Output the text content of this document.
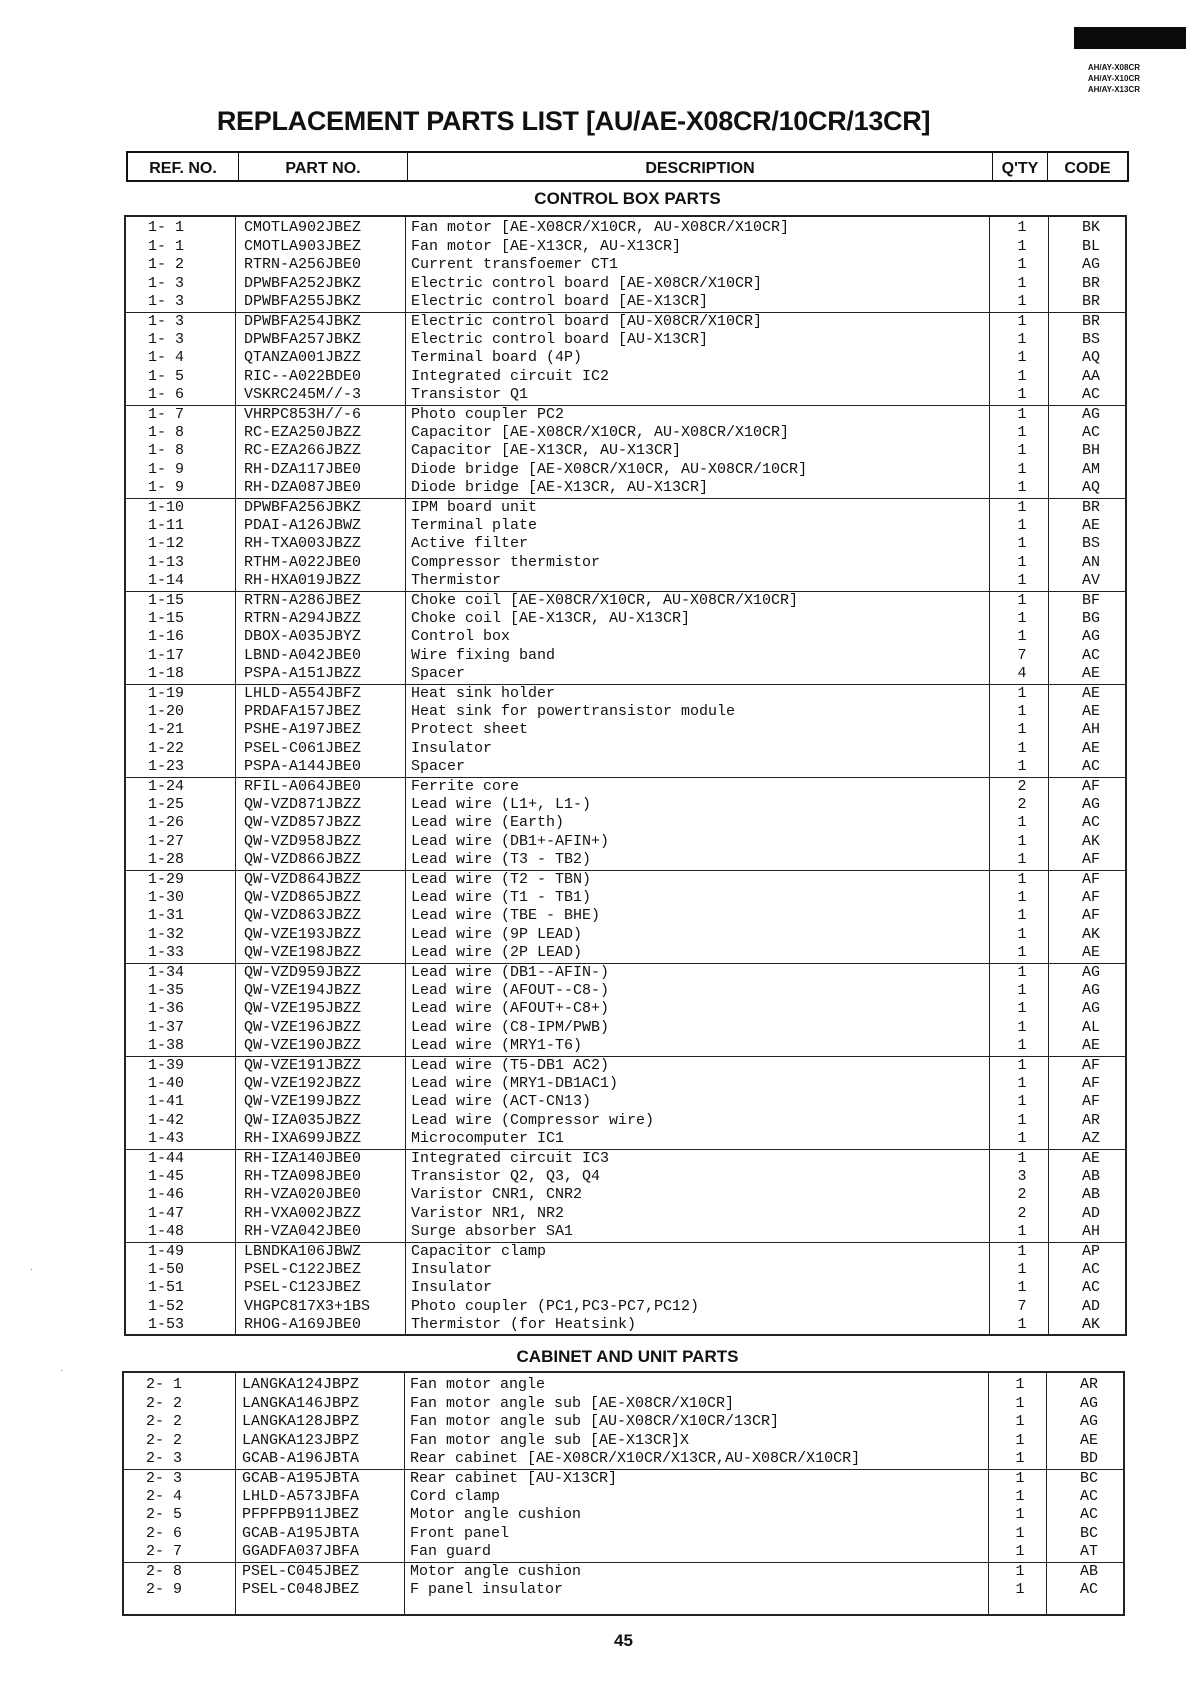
AH/AY-X08CR
AH/AY-X10CR
AH/AY-X13CR
REPLACEMENT PARTS LIST [AU/AE-X08CR/10CR/13CR]
REF. NO.	PART NO.	DESCRIPTION	Q'TY	CODE
CONTROL BOX PARTS
1- 1	CMOTLA902JBEZ	Fan motor [AE-X08CR/X10CR, AU-X08CR/X10CR]	1	BK
1- 1	CMOTLA903JBEZ	Fan motor [AE-X13CR, AU-X13CR]	1	BL
1- 2	RTRN-A256JBE0	Current transfoemer CT1	1	AG
1- 3	DPWBFA252JBKZ	Electric control board [AE-X08CR/X10CR]	1	BR
1- 3	DPWBFA255JBKZ	Electric control board [AE-X13CR]	1	BR
1- 3	DPWBFA254JBKZ	Electric control board [AU-X08CR/X10CR]	1	BR
1- 3	DPWBFA257JBKZ	Electric control board [AU-X13CR]	1	BS
1- 4	QTANZA001JBZZ	Terminal board (4P)	1	AQ
1- 5	RIC--A022BDE0	Integrated circuit IC2	1	AA
1- 6	VSKRC245M//-3	Transistor Q1	1	AC
1- 7	VHRPC853H//-6	Photo coupler PC2	1	AG
1- 8	RC-EZA250JBZZ	Capacitor [AE-X08CR/X10CR, AU-X08CR/X10CR]	1	AC
1- 8	RC-EZA266JBZZ	Capacitor [AE-X13CR, AU-X13CR]	1	BH
1- 9	RH-DZA117JBE0	Diode bridge [AE-X08CR/X10CR, AU-X08CR/10CR]	1	AM
1- 9	RH-DZA087JBE0	Diode bridge [AE-X13CR, AU-X13CR]	1	AQ
1-10	DPWBFA256JBKZ	IPM board unit	1	BR
1-11	PDAI-A126JBWZ	Terminal plate	1	AE
1-12	RH-TXA003JBZZ	Active filter	1	BS
1-13	RTHM-A022JBE0	Compressor thermistor	1	AN
1-14	RH-HXA019JBZZ	Thermistor	1	AV
1-15	RTRN-A286JBEZ	Choke coil [AE-X08CR/X10CR, AU-X08CR/X10CR]	1	BF
1-15	RTRN-A294JBZZ	Choke coil [AE-X13CR, AU-X13CR]	1	BG
1-16	DBOX-A035JBYZ	Control box	1	AG
1-17	LBND-A042JBE0	Wire fixing band	7	AC
1-18	PSPA-A151JBZZ	Spacer	4	AE
1-19	LHLD-A554JBFZ	Heat sink holder	1	AE
1-20	PRDAFA157JBEZ	Heat sink for powertransistor module	1	AE
1-21	PSHE-A197JBEZ	Protect sheet	1	AH
1-22	PSEL-C061JBEZ	Insulator	1	AE
1-23	PSPA-A144JBE0	Spacer	1	AC
1-24	RFIL-A064JBE0	Ferrite core	2	AF
1-25	QW-VZD871JBZZ	Lead wire (L1+, L1-)	2	AG
1-26	QW-VZD857JBZZ	Lead wire (Earth)	1	AC
1-27	QW-VZD958JBZZ	Lead wire (DB1+-AFIN+)	1	AK
1-28	QW-VZD866JBZZ	Lead wire (T3 - TB2)	1	AF
1-29	QW-VZD864JBZZ	Lead wire (T2 - TBN)	1	AF
1-30	QW-VZD865JBZZ	Lead wire (T1 - TB1)	1	AF
1-31	QW-VZD863JBZZ	Lead wire (TBE - BHE)	1	AF
1-32	QW-VZE193JBZZ	Lead wire (9P LEAD)	1	AK
1-33	QW-VZE198JBZZ	Lead wire (2P LEAD)	1	AE
1-34	QW-VZD959JBZZ	Lead wire (DB1--AFIN-)	1	AG
1-35	QW-VZE194JBZZ	Lead wire (AFOUT--C8-)	1	AG
1-36	QW-VZE195JBZZ	Lead wire (AFOUT+-C8+)	1	AG
1-37	QW-VZE196JBZZ	Lead wire (C8-IPM/PWB)	1	AL
1-38	QW-VZE190JBZZ	Lead wire (MRY1-T6)	1	AE
1-39	QW-VZE191JBZZ	Lead wire (T5-DB1 AC2)	1	AF
1-40	QW-VZE192JBZZ	Lead wire (MRY1-DB1AC1)	1	AF
1-41	QW-VZE199JBZZ	Lead wire (ACT-CN13)	1	AF
1-42	QW-IZA035JBZZ	Lead wire (Compressor wire)	1	AR
1-43	RH-IXA699JBZZ	Microcomputer IC1	1	AZ
1-44	RH-IZA140JBE0	Integrated circuit IC3	1	AE
1-45	RH-TZA098JBE0	Transistor Q2, Q3, Q4	3	AB
1-46	RH-VZA020JBE0	Varistor CNR1, CNR2	2	AB
1-47	RH-VXA002JBZZ	Varistor NR1, NR2	2	AD
1-48	RH-VZA042JBE0	Surge absorber SA1	1	AH
1-49	LBNDKA106JBWZ	Capacitor clamp	1	AP
1-50	PSEL-C122JBEZ	Insulator	1	AC
1-51	PSEL-C123JBEZ	Insulator	1	AC
1-52	VHGPC817X3+1BS	Photo coupler (PC1,PC3-PC7,PC12)	7	AD
1-53	RHOG-A169JBE0	Thermistor (for Heatsink)	1	AK
CABINET AND UNIT PARTS
2- 1	LANGKA124JBPZ	Fan motor angle	1	AR
2- 2	LANGKA146JBPZ	Fan motor angle sub [AE-X08CR/X10CR]	1	AG
2- 2	LANGKA128JBPZ	Fan motor angle sub [AU-X08CR/X10CR/13CR]	1	AG
2- 2	LANGKA123JBPZ	Fan motor angle sub [AE-X13CR]X	1	AE
2- 3	GCAB-A196JBTA	Rear cabinet [AE-X08CR/X10CR/X13CR,AU-X08CR/X10CR]	1	BD
2- 3	GCAB-A195JBTA	Rear cabinet [AU-X13CR]	1	BC
2- 4	LHLD-A573JBFA	Cord clamp	1	AC
2- 5	PFPFPB911JBEZ	Motor angle cushion	1	AC
2- 6	GCAB-A195JBTA	Front panel	1	BC
2- 7	GGADFA037JBFA	Fan guard	1	AT
2- 8	PSEL-C045JBEZ	Motor angle cushion	1	AB
2- 9	PSEL-C048JBEZ	F panel insulator	1	AC
45
·
·
